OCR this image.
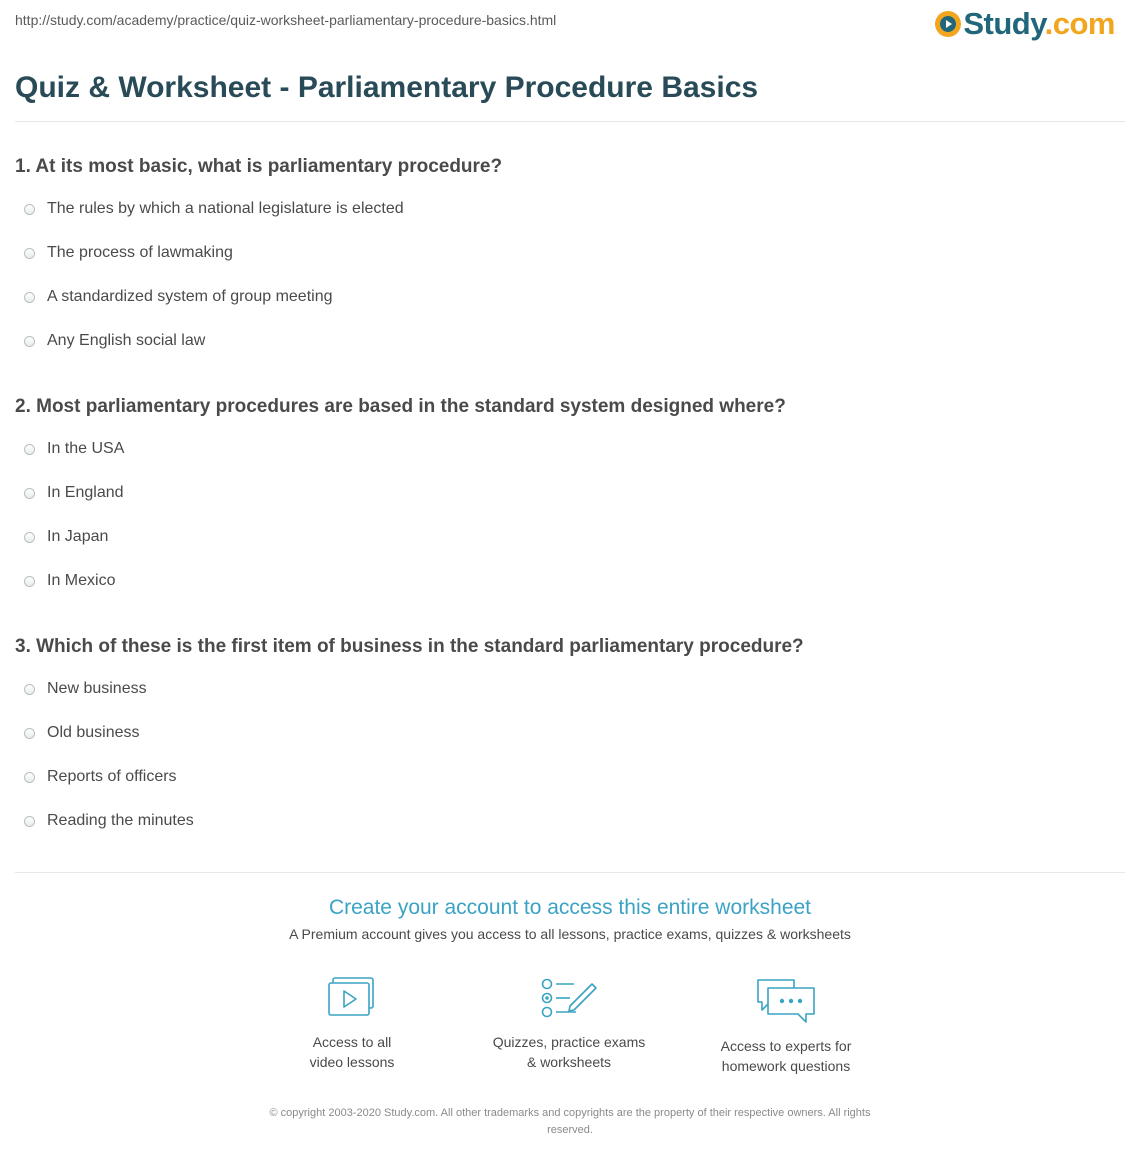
http://study.com/academy/practice/quiz-worksheet-parliamentary-procedure-basics.html	Study.com
Quiz & Worksheet - Parliamentary Procedure Basics
1. At its most basic, what is parliamentary procedure?
The rules by which a national legislature is elected
The process of lawmaking
A standardized system of group meeting
Any English social law
2. Most parliamentary procedures are based in the standard system designed where?
In the USA
In England
In Japan
In Mexico
3. Which of these is the first item of business in the standard parliamentary procedure?
New business
Old business
Reports of officers
Reading the minutes
Create your account to access this entire worksheet
A Premium account gives you access to all lessons, practice exams, quizzes & worksheets
Access to all
video lessons
Quizzes, practice exams
& worksheets
Access to experts for
homework questions
© copyright 2003-2020 Study.com. All other trademarks and copyrights are the property of their respective owners. All rights
reserved.
